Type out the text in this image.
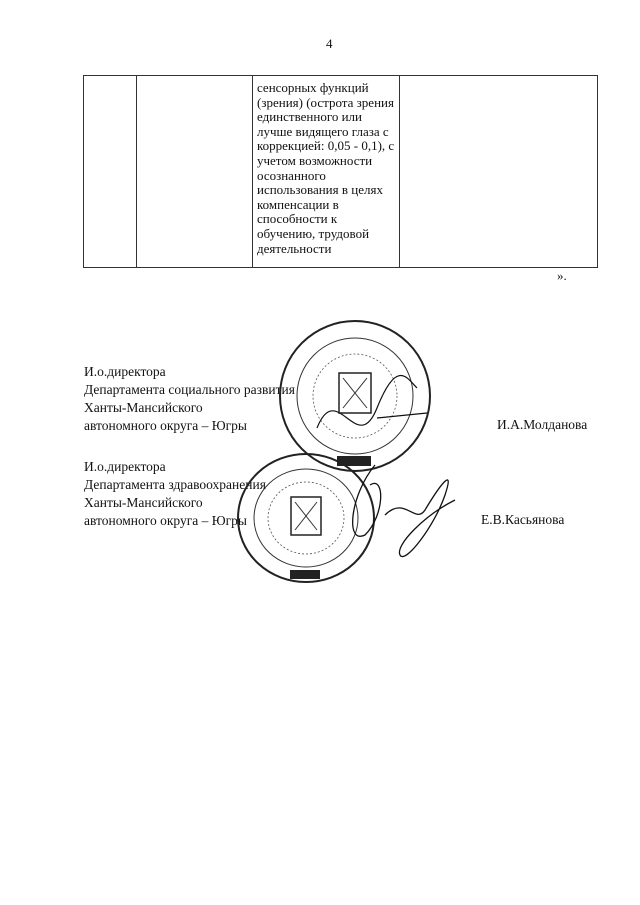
4
		сенсорных функций (зрения) (острота зрения единственного или лучше видящего глаза с коррекцией: 0,05 - 0,1), с учетом возможности осознанного использования в целях компенсации в способности к обучению, трудовой деятельности	
».
И.о.директора
Департамента социального развития
Ханты-Мансийского
автономного округа – Югры	И.А.Молданова
И.о.директора
Департамента здравоохранения
Ханты-Мансийского
автономного округа – Югры	Е.В.Касьянова
